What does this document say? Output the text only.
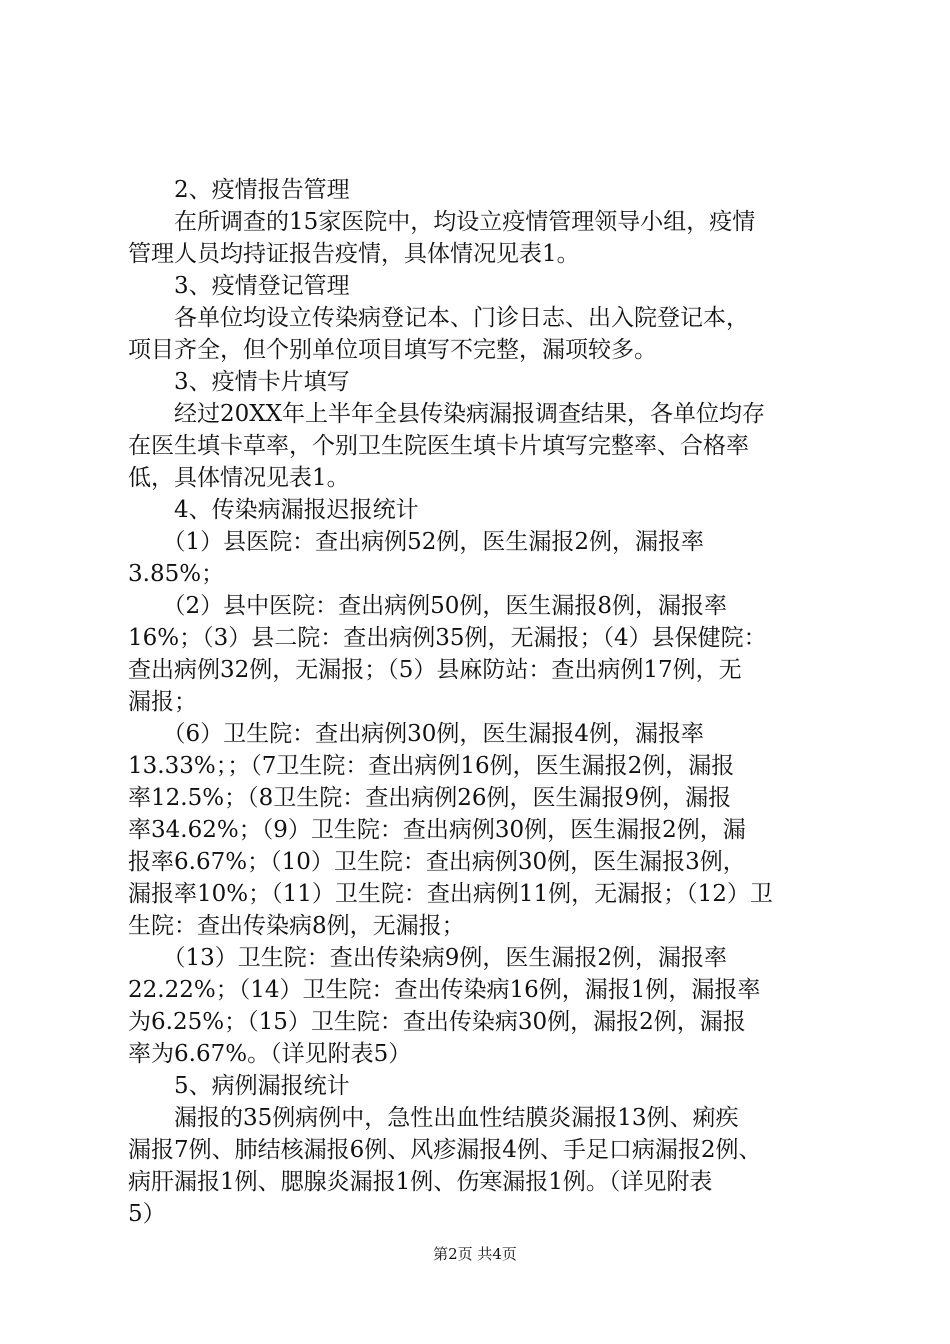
　　2、疫情报告管理
　　在所调查的15家医院中，均设立疫情管理领导小组，疫情
管理人员均持证报告疫情，具体情况见表1。
　　3、疫情登记管理
　　各单位均设立传染病登记本、门诊日志、出入院登记本，
项目齐全，但个别单位项目填写不完整，漏项较多。
　　3、疫情卡片填写
　　经过20XX年上半年全县传染病漏报调查结果，各单位均存
在医生填卡草率，个别卫生院医生填卡片填写完整率、合格率
低，具体情况见表1。
　　4、传染病漏报迟报统计
　　（1）县医院：查出病例52例，医生漏报2例，漏报率
3.85%；
　　（2）县中医院：查出病例50例，医生漏报8例，漏报率
16%；（3）县二院：查出病例35例，无漏报；（4）县保健院：
查出病例32例，无漏报；（5）县麻防站：查出病例17例，无
漏报；
　　（6）卫生院：查出病例30例，医生漏报4例，漏报率
13.33%；；（7卫生院：查出病例16例，医生漏报2例，漏报
率12.5%；（8卫生院：查出病例26例，医生漏报9例，漏报
率34.62%；（9）卫生院：查出病例30例，医生漏报2例，漏
报率6.67%；（10）卫生院：查出病例30例，医生漏报3例，
漏报率10%；（11）卫生院：查出病例11例，无漏报；（12）卫
生院：查出传染病8例，无漏报；
　　（13）卫生院：查出传染病9例，医生漏报2例，漏报率
22.22%；（14）卫生院：查出传染病16例，漏报1例，漏报率
为6.25%；（15）卫生院：查出传染病30例，漏报2例，漏报
率为6.67%。（详见附表5）
　　5、病例漏报统计
　　漏报的35例病例中，急性出血性结膜炎漏报13例、痢疾
漏报7例、肺结核漏报6例、风疹漏报4例、手足口病漏报2例、
病肝漏报1例、腮腺炎漏报1例、伤寒漏报1例。（详见附表
5）
第2页 共4页
